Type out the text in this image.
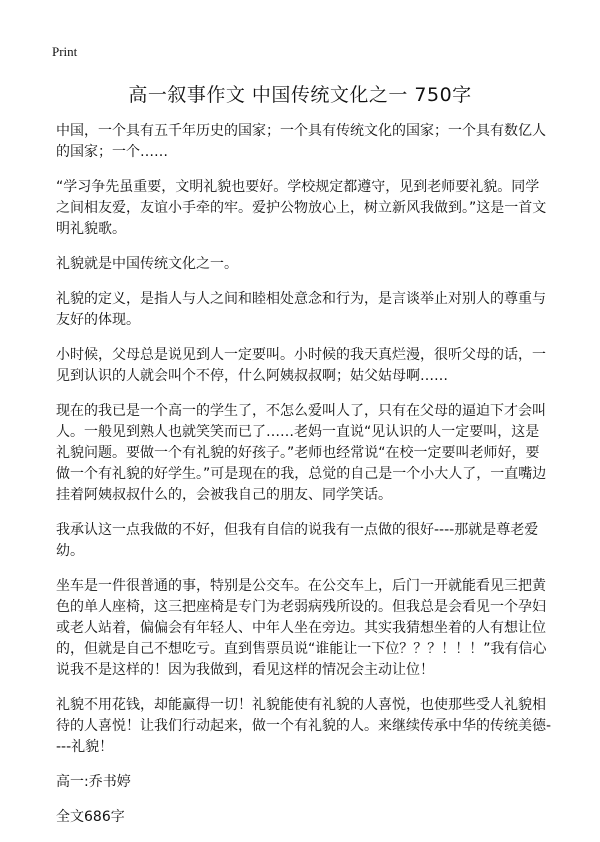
Print
高一叙事作文 中国传统文化之一 750字

中国，一个具有五千年历史的国家；一个具有传统文化的国家；一个具有数亿人的国家；一个……

“学习争先虽重要，文明礼貌也要好。学校规定都遵守，见到老师要礼貌。同学之间相友爱，友谊小手牵的牢。爱护公物放心上，树立新风我做到。”这是一首文明礼貌歌。

礼貌就是中国传统文化之一。

礼貌的定义，是指人与人之间和睦相处意念和行为，是言谈举止对别人的尊重与友好的体现。

小时候，父母总是说见到人一定要叫。小时候的我天真烂漫，很听父母的话，一见到认识的人就会叫个不停，什么阿姨叔叔啊；姑父姑母啊……

现在的我已是一个高一的学生了，不怎么爱叫人了，只有在父母的逼迫下才会叫人。一般见到熟人也就笑笑而已了……老妈一直说“见认识的人一定要叫，这是礼貌问题。要做一个有礼貌的好孩子。”老师也经常说“在校一定要叫老师好，要做一个有礼貌的好学生。”可是现在的我，总觉的自己是一个小大人了，一直嘴边挂着阿姨叔叔什么的，会被我自己的朋友、同学笑话。

我承认这一点我做的不好，但我有自信的说我有一点做的很好----那就是尊老爱幼。

坐车是一件很普通的事，特别是公交车。在公交车上，后门一开就能看见三把黄色的单人座椅，这三把座椅是专门为老弱病残所设的。但我总是会看见一个孕妇或老人站着，偏偏会有年轻人、中年人坐在旁边。其实我猜想坐着的人有想让位的，但就是自己不想吃亏。直到售票员说“谁能让一下位？？？！！！”我有信心说我不是这样的！因为我做到，看见这样的情况会主动让位！

礼貌不用花钱，却能赢得一切！礼貌能使有礼貌的人喜悦，也使那些受人礼貌相待的人喜悦！让我们行动起来，做一个有礼貌的人。来继续传承中华的传统美德----礼貌！

高一:乔书婷

全文686字
